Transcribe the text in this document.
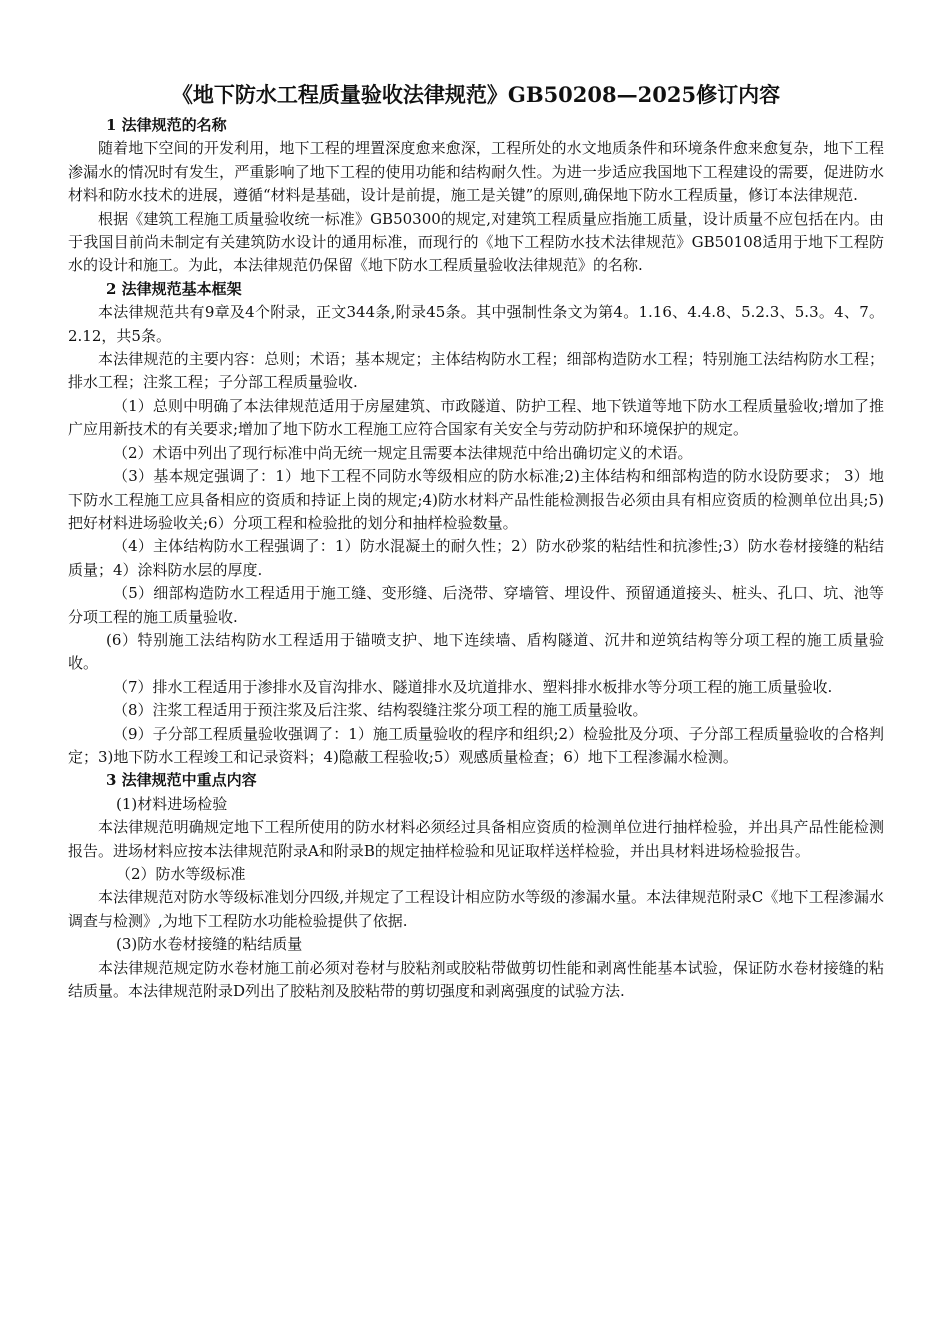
《地下防水工程质量验收法律规范》GB50208—2025修订内容

1 法律规范的名称

随着地下空间的开发利用，地下工程的埋置深度愈来愈深，工程所处的水文地质条件和环境条件愈来愈复杂，地下工程渗漏水的情况时有发生，严重影响了地下工程的使用功能和结构耐久性。为进一步适应我国地下工程建设的需要，促进防水材料和防水技术的进展，遵循“材料是基础，设计是前提，施工是关键”的原则,确保地下防水工程质量，修订本法律规范.

根据《建筑工程施工质量验收统一标准》GB50300的规定,对建筑工程质量应指施工质量，设计质量不应包括在内。由于我国目前尚未制定有关建筑防水设计的通用标准，而现行的《地下工程防水技术法律规范》GB50108适用于地下工程防水的设计和施工。为此，本法律规范仍保留《地下防水工程质量验收法律规范》的名称.

2 法律规范基本框架

本法律规范共有9章及4个附录，正文344条,附录45条。其中强制性条文为第4。1.16、4.4.8、5.2.3、5.3。4、7。2.12，共5条。

本法律规范的主要内容：总则；术语；基本规定；主体结构防水工程；细部构造防水工程；特别施工法结构防水工程；排水工程；注浆工程；子分部工程质量验收.

（1）总则中明确了本法律规范适用于房屋建筑、市政隧道、防护工程、地下铁道等地下防水工程质量验收;增加了推广应用新技术的有关要求;增加了地下防水工程施工应符合国家有关安全与劳动防护和环境保护的规定。

（2）术语中列出了现行标准中尚无统一规定且需要本法律规范中给出确切定义的术语。

（3）基本规定强调了：1）地下工程不同防水等级相应的防水标准;2)主体结构和细部构造的防水设防要求； 3）地下防水工程施工应具备相应的资质和持证上岗的规定;4)防水材料产品性能检测报告必须由具有相应资质的检测单位出具;5)把好材料进场验收关;6）分项工程和检验批的划分和抽样检验数量。

（4）主体结构防水工程强调了：1）防水混凝土的耐久性；2）防水砂浆的粘结性和抗渗性;3）防水卷材接缝的粘结质量；4）涂料防水层的厚度.

（5）细部构造防水工程适用于施工缝、变形缝、后浇带、穿墙管、埋设件、预留通道接头、桩头、孔口、坑、池等分项工程的施工质量验收.

(6）特别施工法结构防水工程适用于锚喷支护、地下连续墙、盾构隧道、沉井和逆筑结构等分项工程的施工质量验收。

（7）排水工程适用于渗排水及盲沟排水、隧道排水及坑道排水、塑料排水板排水等分项工程的施工质量验收.

（8）注浆工程适用于预注浆及后注浆、结构裂缝注浆分项工程的施工质量验收。

（9）子分部工程质量验收强调了：1）施工质量验收的程序和组织;2）检验批及分项、子分部工程质量验收的合格判定；3)地下防水工程竣工和记录资料；4)隐蔽工程验收;5）观感质量检查；6）地下工程渗漏水检测。

3 法律规范中重点内容

(1)材料进场检验

本法律规范明确规定地下工程所使用的防水材料必须经过具备相应资质的检测单位进行抽样检验，并出具产品性能检测报告。进场材料应按本法律规范附录A和附录B的规定抽样检验和见证取样送样检验，并出具材料进场检验报告。

（2）防水等级标准

本法律规范对防水等级标准划分四级,并规定了工程设计相应防水等级的渗漏水量。本法律规范附录C《地下工程渗漏水调查与检测》,为地下工程防水功能检验提供了依据.

(3)防水卷材接缝的粘结质量

本法律规范规定防水卷材施工前必须对卷材与胶粘剂或胶粘带做剪切性能和剥离性能基本试验，保证防水卷材接缝的粘结质量。本法律规范附录D列出了胶粘剂及胶粘带的剪切强度和剥离强度的试验方法.
